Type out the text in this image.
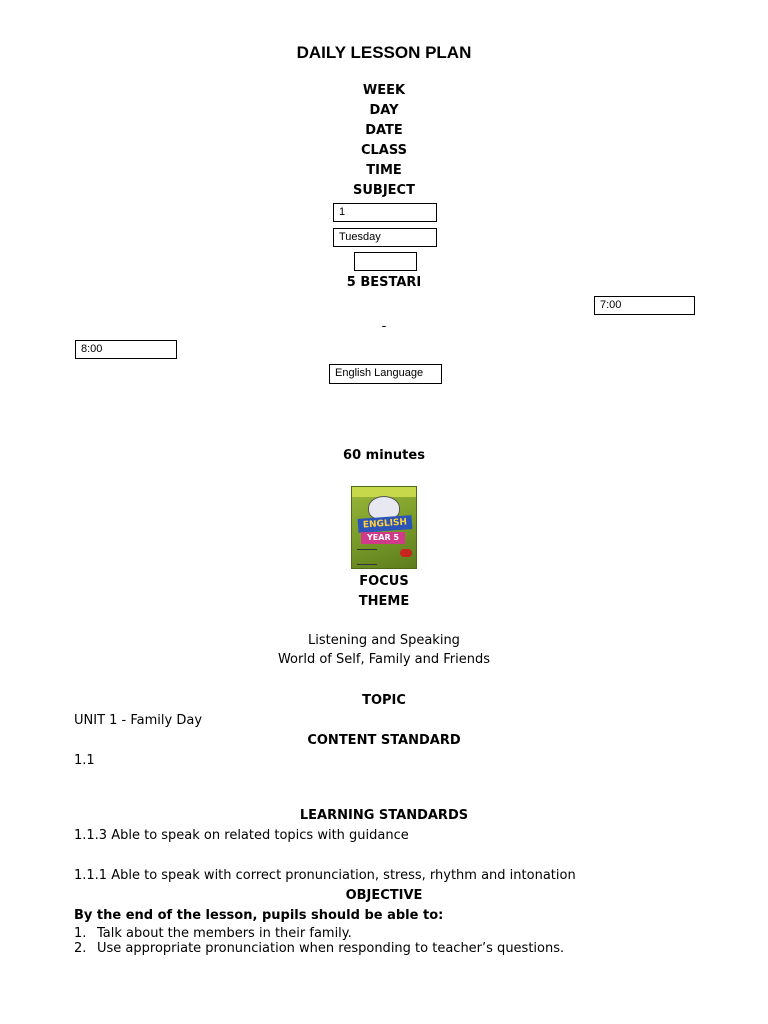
DAILY LESSON PLAN
WEEK
DAY
DATE
CLASS
TIME
SUBJECT
1
Tuesday
5 BESTARI
7:00
-
8:00
English Language
60 minutes
ENGLISH
YEAR 5
FOCUS
THEME
Listening and Speaking
World of Self, Family and Friends
TOPIC
UNIT 1 - Family Day
CONTENT STANDARD
1.1
LEARNING STANDARDS
1.1.3 Able to speak on related topics with guidance
1.1.1 Able to speak with correct pronunciation, stress, rhythm and intonation
OBJECTIVE
By the end of the lesson, pupils should be able to:
1. Talk about the members in their family.
2. Use appropriate pronunciation when responding to teacher’s questions.
